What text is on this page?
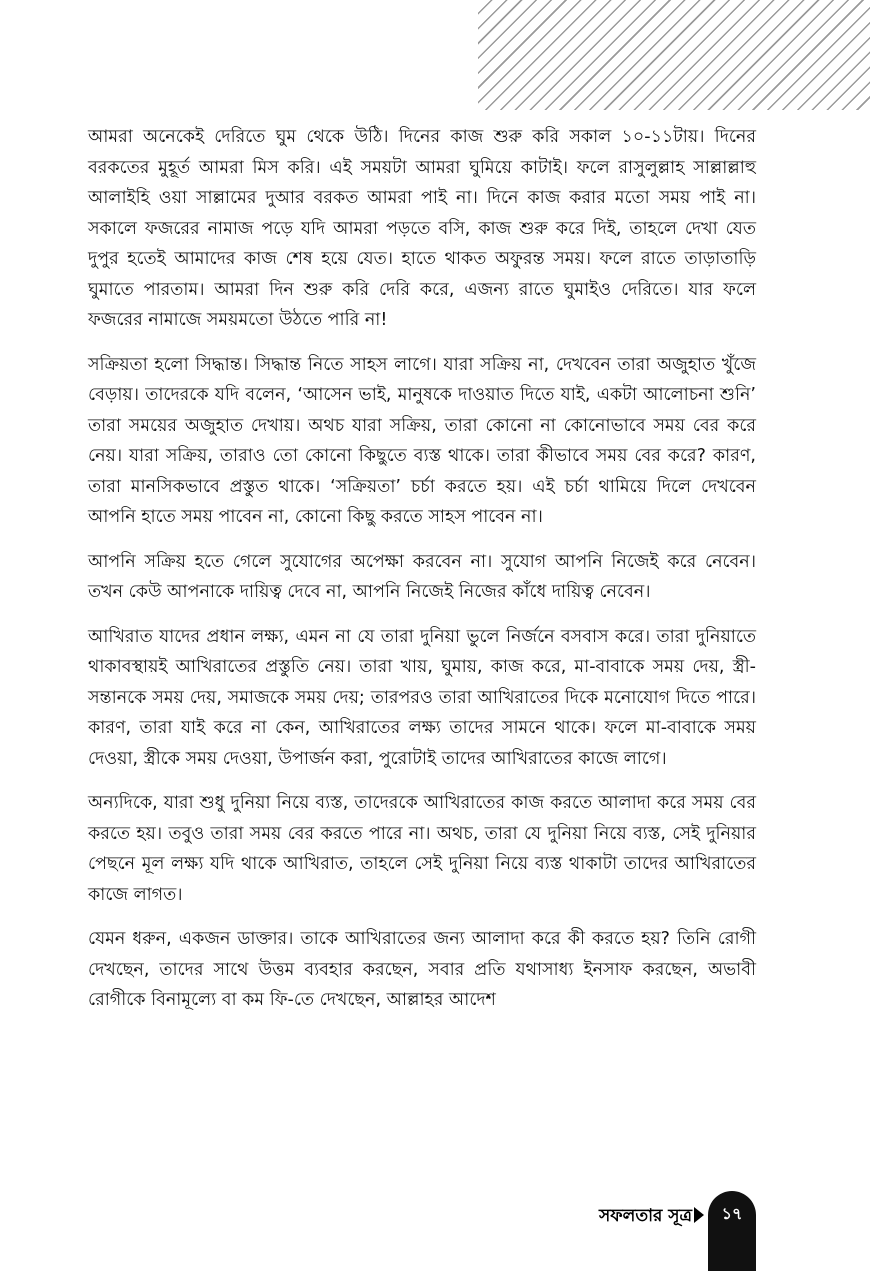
আমরা অনেকেই দেরিতে ঘুম থেকে উঠি। দিনের কাজ শুরু করি সকাল ১০-১১টায়। দিনের বরকতের মুহূর্ত আমরা মিস করি। এই সময়টা আমরা ঘুমিয়ে কাটাই। ফলে রাসুলুল্লাহ সাল্লাল্লাহু আলাইহি ওয়া সাল্লামের দুআর বরকত আমরা পাই না। দিনে কাজ করার মতো সময় পাই না। সকালে ফজরের নামাজ পড়ে যদি আমরা পড়তে বসি, কাজ শুরু করে দিই, তাহলে দেখা যেত দুপুর হতেই আমাদের কাজ শেষ হয়ে যেত। হাতে থাকত অফুরন্ত সময়। ফলে রাতে তাড়াতাড়ি ঘুমাতে পারতাম। আমরা দিন শুরু করি দেরি করে, এজন্য রাতে ঘুমাইও দেরিতে। যার ফলে ফজরের নামাজে সময়মতো উঠতে পারি না!

সক্রিয়তা হলো সিদ্ধান্ত। সিদ্ধান্ত নিতে সাহস লাগে। যারা সক্রিয় না, দেখবেন তারা অজুহাত খুঁজে বেড়ায়। তাদেরকে যদি বলেন, ‘আসেন ভাই, মানুষকে দাওয়াত দিতে যাই, একটা আলোচনা শুনি’ তারা সময়ের অজুহাত দেখায়। অথচ যারা সক্রিয়, তারা কোনো না কোনোভাবে সময় বের করে নেয়। যারা সক্রিয়, তারাও তো কোনো কিছুতে ব্যস্ত থাকে। তারা কীভাবে সময় বের করে? কারণ, তারা মানসিকভাবে প্রস্তুত থাকে। ‘সক্রিয়তা’ চর্চা করতে হয়। এই চর্চা থামিয়ে দিলে দেখবেন আপনি হাতে সময় পাবেন না, কোনো কিছু করতে সাহস পাবেন না।

আপনি সক্রিয় হতে গেলে সুযোগের অপেক্ষা করবেন না। সুযোগ আপনি নিজেই করে নেবেন। তখন কেউ আপনাকে দায়িত্ব দেবে না, আপনি নিজেই নিজের কাঁধে দায়িত্ব নেবেন।

আখিরাত যাদের প্রধান লক্ষ্য, এমন না যে তারা দুনিয়া ভুলে নির্জনে বসবাস করে। তারা দুনিয়াতে থাকাবস্থায়ই আখিরাতের প্রস্তুতি নেয়। তারা খায়, ঘুমায়, কাজ করে, মা-বাবাকে সময় দেয়, স্ত্রী-সন্তানকে সময় দেয়, সমাজকে সময় দেয়; তারপরও তারা আখিরাতের দিকে মনোযোগ দিতে পারে। কারণ, তারা যাই করে না কেন, আখিরাতের লক্ষ্য তাদের সামনে থাকে। ফলে মা-বাবাকে সময় দেওয়া, স্ত্রীকে সময় দেওয়া, উপার্জন করা, পুরোটাই তাদের আখিরাতের কাজে লাগে।

অন্যদিকে, যারা শুধু দুনিয়া নিয়ে ব্যস্ত, তাদেরকে আখিরাতের কাজ করতে আলাদা করে সময় বের করতে হয়। তবুও তারা সময় বের করতে পারে না। অথচ, তারা যে দুনিয়া নিয়ে ব্যস্ত, সেই দুনিয়ার পেছনে মূল লক্ষ্য যদি থাকে আখিরাত, তাহলে সেই দুনিয়া নিয়ে ব্যস্ত থাকাটা তাদের আখিরাতের কাজে লাগত।

যেমন ধরুন, একজন ডাক্তার। তাকে আখিরাতের জন্য আলাদা করে কী করতে হয়? তিনি রোগী দেখছেন, তাদের সাথে উত্তম ব্যবহার করছেন, সবার প্রতি যথাসাধ্য ইনসাফ করছেন, অভাবী রোগীকে বিনামূল্যে বা কম ফি-তে দেখছেন, আল্লাহর আদেশ

সফলতার সূত্র	১৭
